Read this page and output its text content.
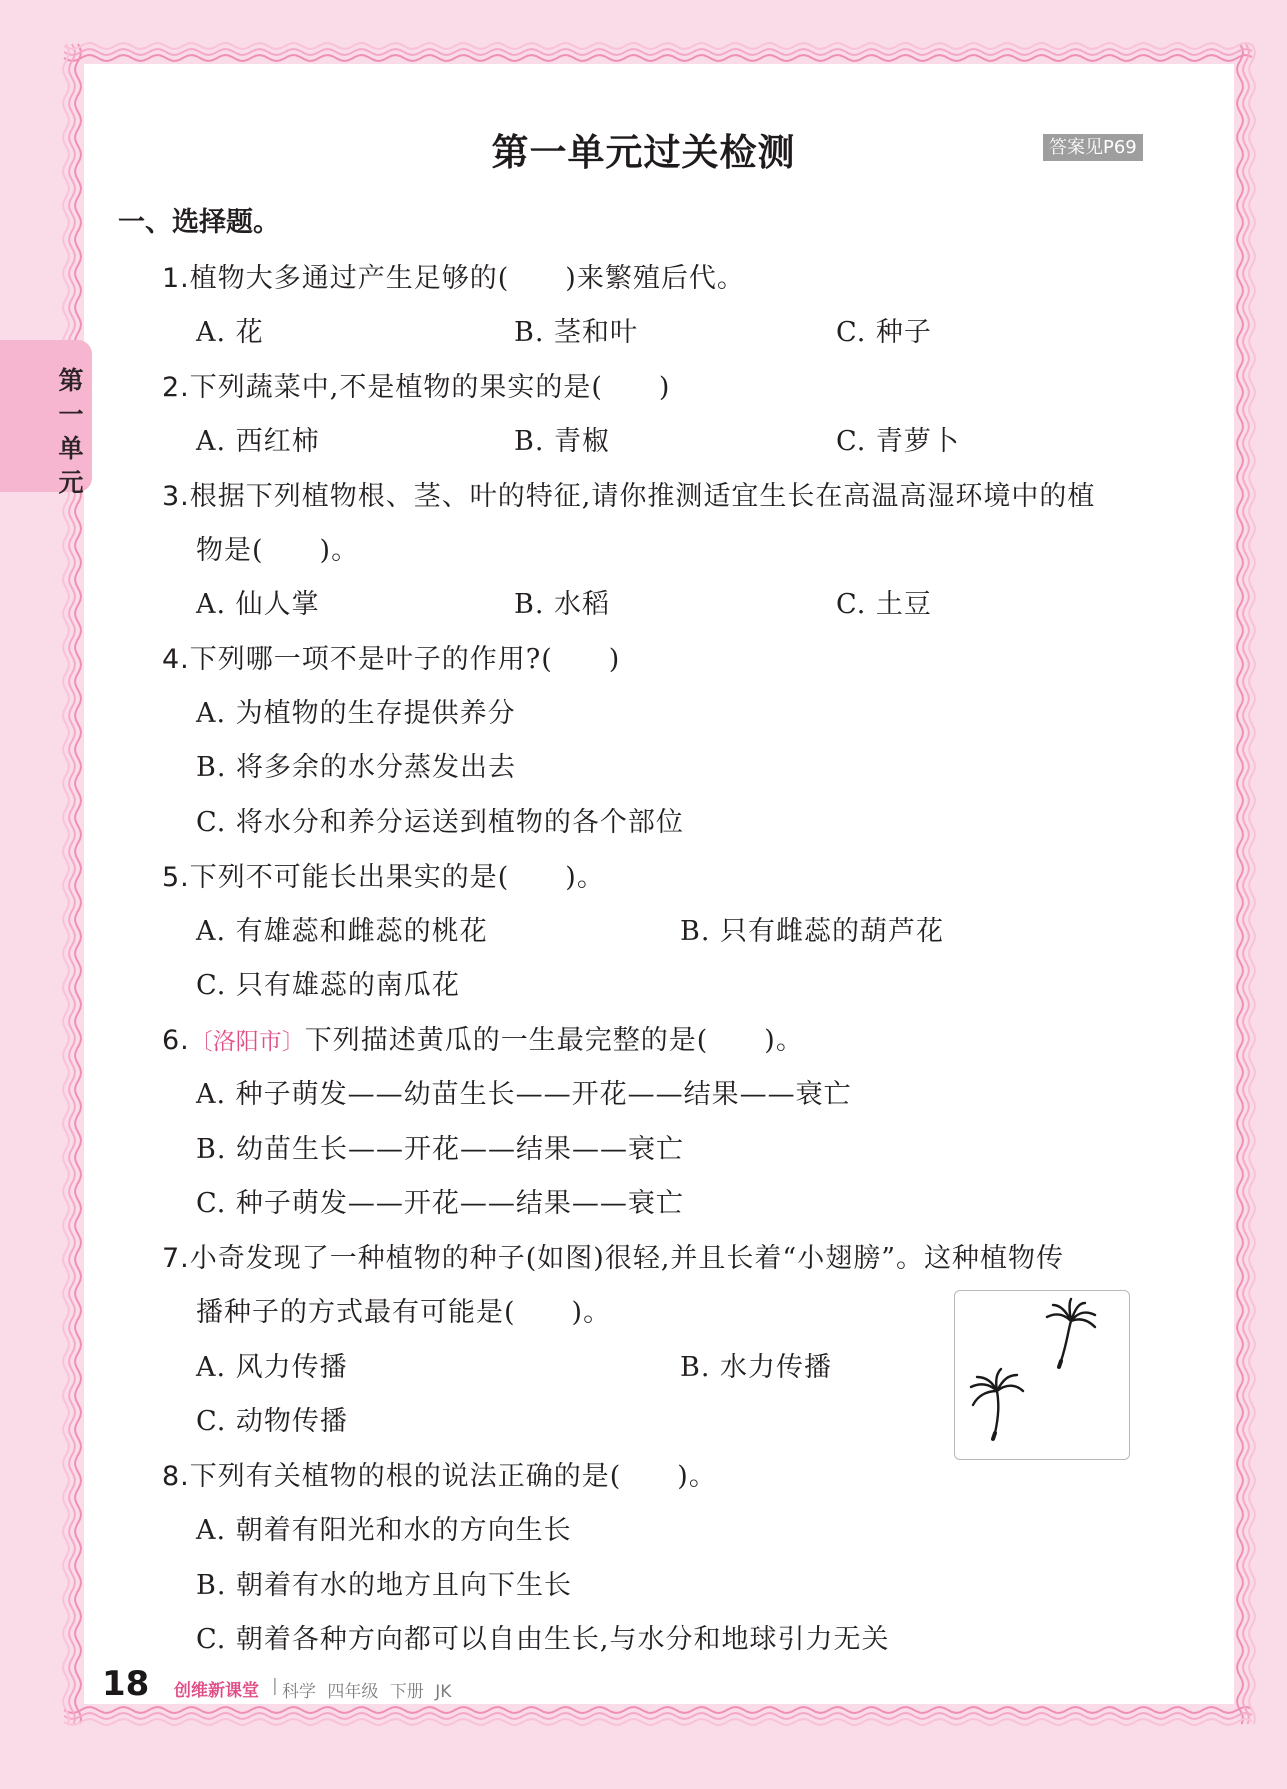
第一单元
第一单元过关检测	答案见P69
一、选择题。
1.植物大多通过产生足够的(　　)来繁殖后代。
A. 花	B. 茎和叶	C. 种子
2.下列蔬菜中,不是植物的果实的是(　　)
A. 西红柿	B. 青椒	C. 青萝卜
3.根据下列植物根、茎、叶的特征,请你推测适宜生长在高温高湿环境中的植
物是(　　)。
A. 仙人掌	B. 水稻	C. 土豆
4.下列哪一项不是叶子的作用?(　　)
A. 为植物的生存提供养分
B. 将多余的水分蒸发出去
C. 将水分和养分运送到植物的各个部位
5.下列不可能长出果实的是(　　)。
A. 有雄蕊和雌蕊的桃花	B. 只有雌蕊的葫芦花
C. 只有雄蕊的南瓜花
6.〔洛阳市〕下列描述黄瓜的一生最完整的是(　　)。
A. 种子萌发——幼苗生长——开花——结果——衰亡
B. 幼苗生长——开花——结果——衰亡
C. 种子萌发——开花——结果——衰亡
7.小奇发现了一种植物的种子(如图)很轻,并且长着“小翅膀”。这种植物传
播种子的方式最有可能是(　　)。
A. 风力传播	B. 水力传播
C. 动物传播
8.下列有关植物的根的说法正确的是(　　)。
A. 朝着有阳光和水的方向生长
B. 朝着有水的地方且向下生长
C. 朝着各种方向都可以自由生长,与水分和地球引力无关
18 创维新课堂 | 科学 四年级 下册 JK
